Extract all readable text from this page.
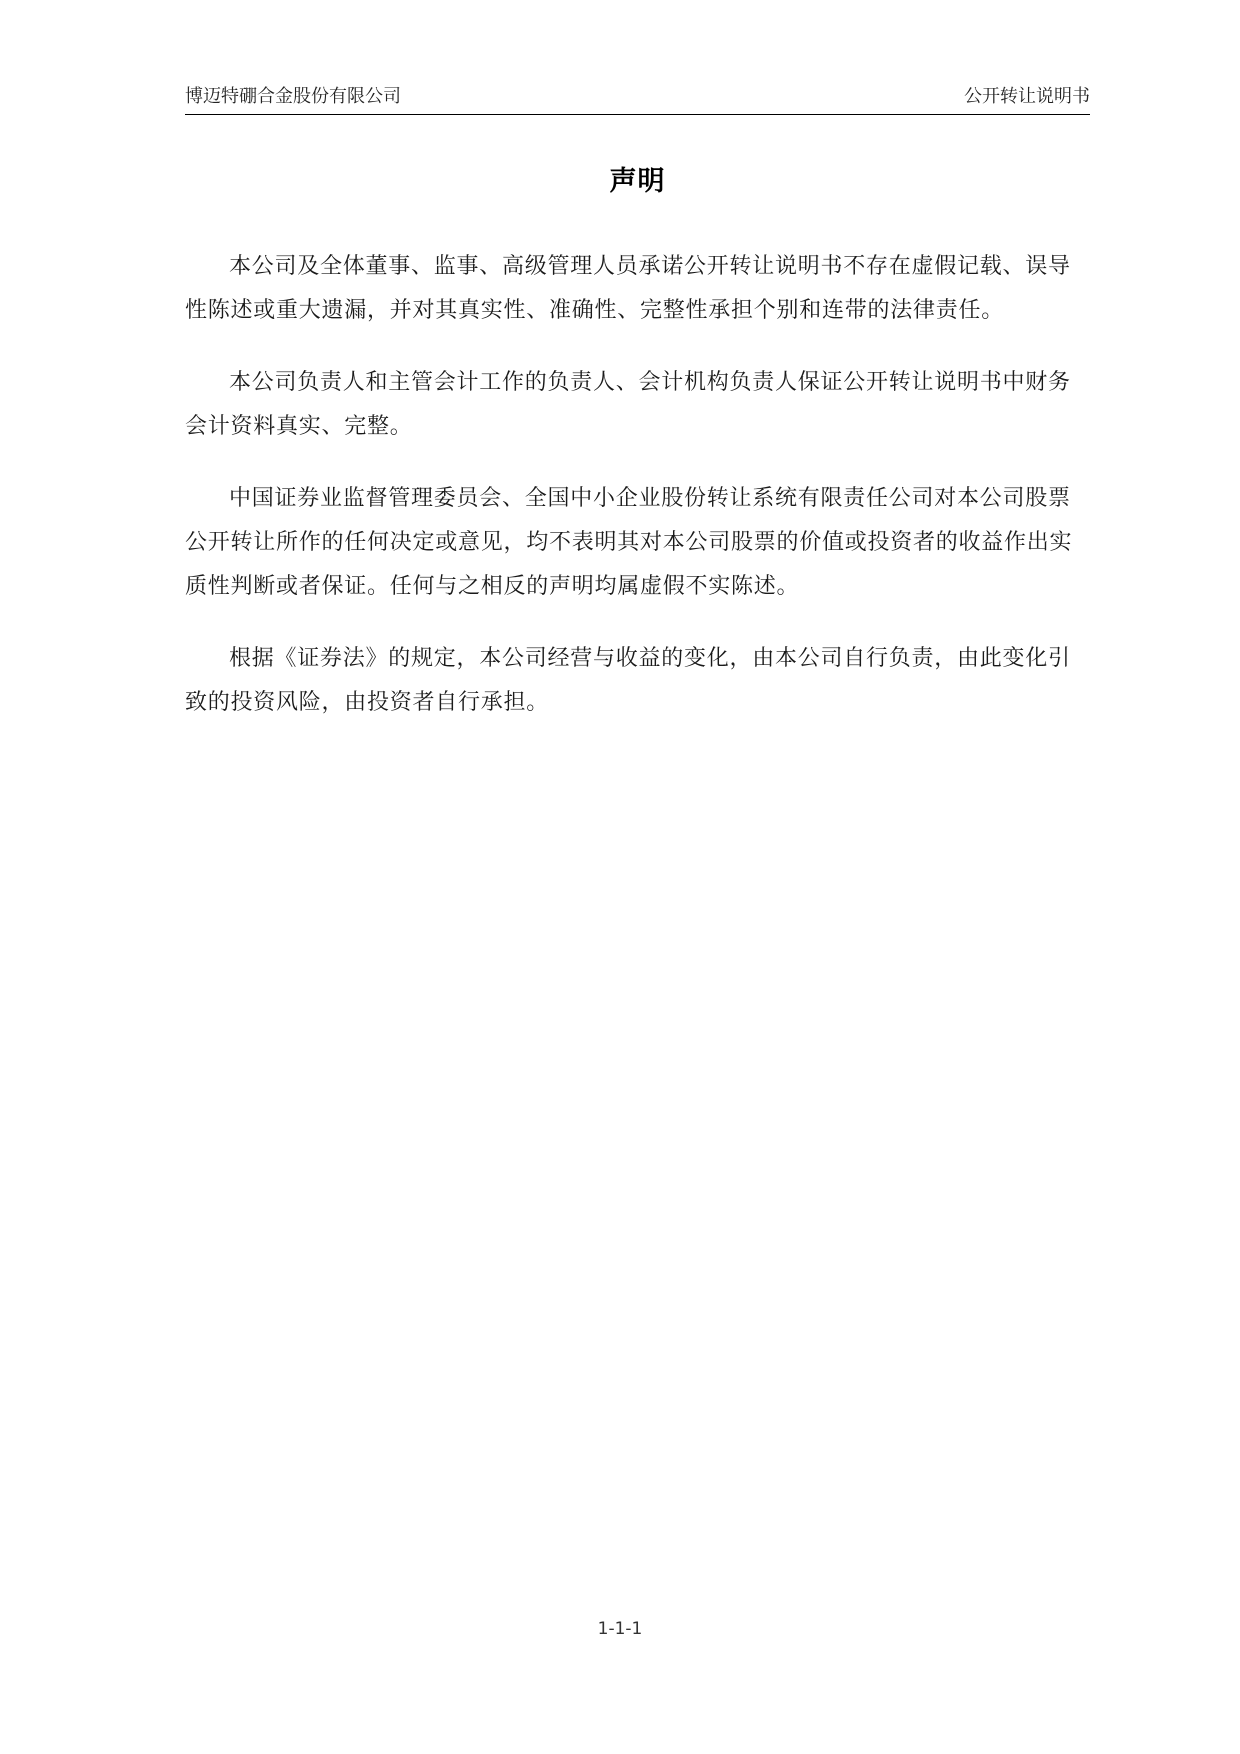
博迈特硼合金股份有限公司	公开转让说明书
声明

本公司及全体董事、监事、高级管理人员承诺公开转让说明书不存在虚假记载、误导性陈述或重大遗漏，并对其真实性、准确性、完整性承担个别和连带的法律责任。

本公司负责人和主管会计工作的负责人、会计机构负责人保证公开转让说明书中财务会计资料真实、完整。

中国证券业监督管理委员会、全国中小企业股份转让系统有限责任公司对本公司股票公开转让所作的任何决定或意见，均不表明其对本公司股票的价值或投资者的收益作出实质性判断或者保证。任何与之相反的声明均属虚假不实陈述。

根据《证券法》的规定，本公司经营与收益的变化，由本公司自行负责，由此变化引致的投资风险，由投资者自行承担。

1-1-1
